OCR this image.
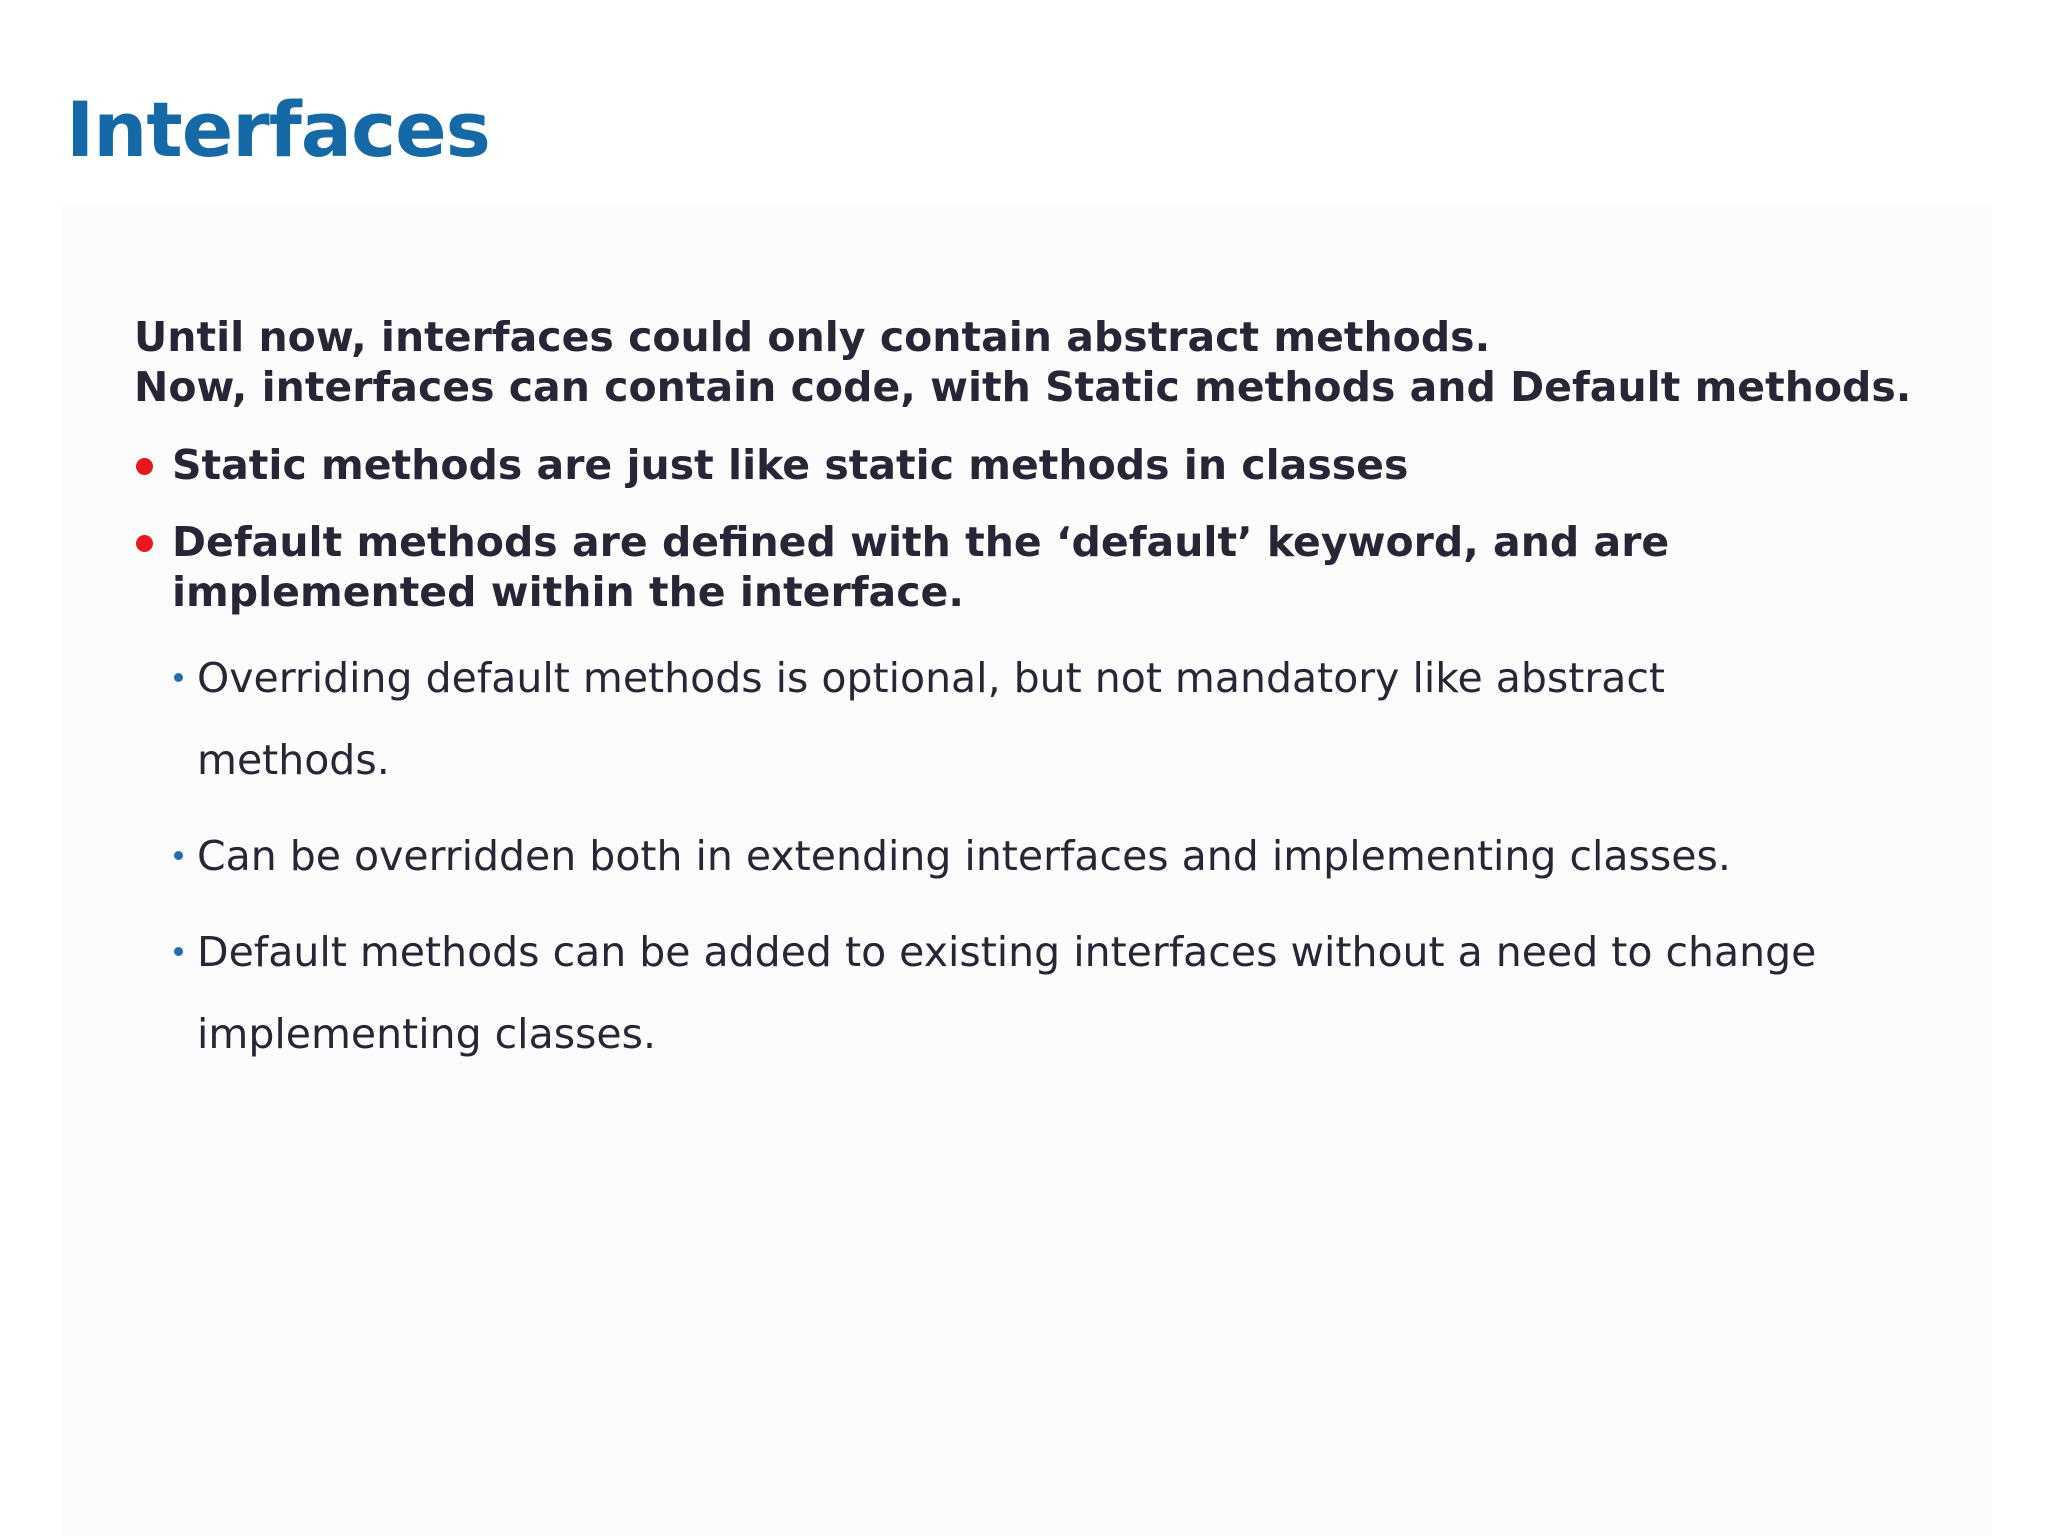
Interfaces

Until now, interfaces could only contain abstract methods.
Now, interfaces can contain code, with Static methods and Default methods.

Static methods are just like static methods in classes

Default methods are defined with the ‘default’ keyword, and are implemented within the interface.

Overriding default methods is optional, but not mandatory like abstract methods.

Can be overridden both in extending interfaces and implementing classes.

Default methods can be added to existing interfaces without a need to change implementing classes.
